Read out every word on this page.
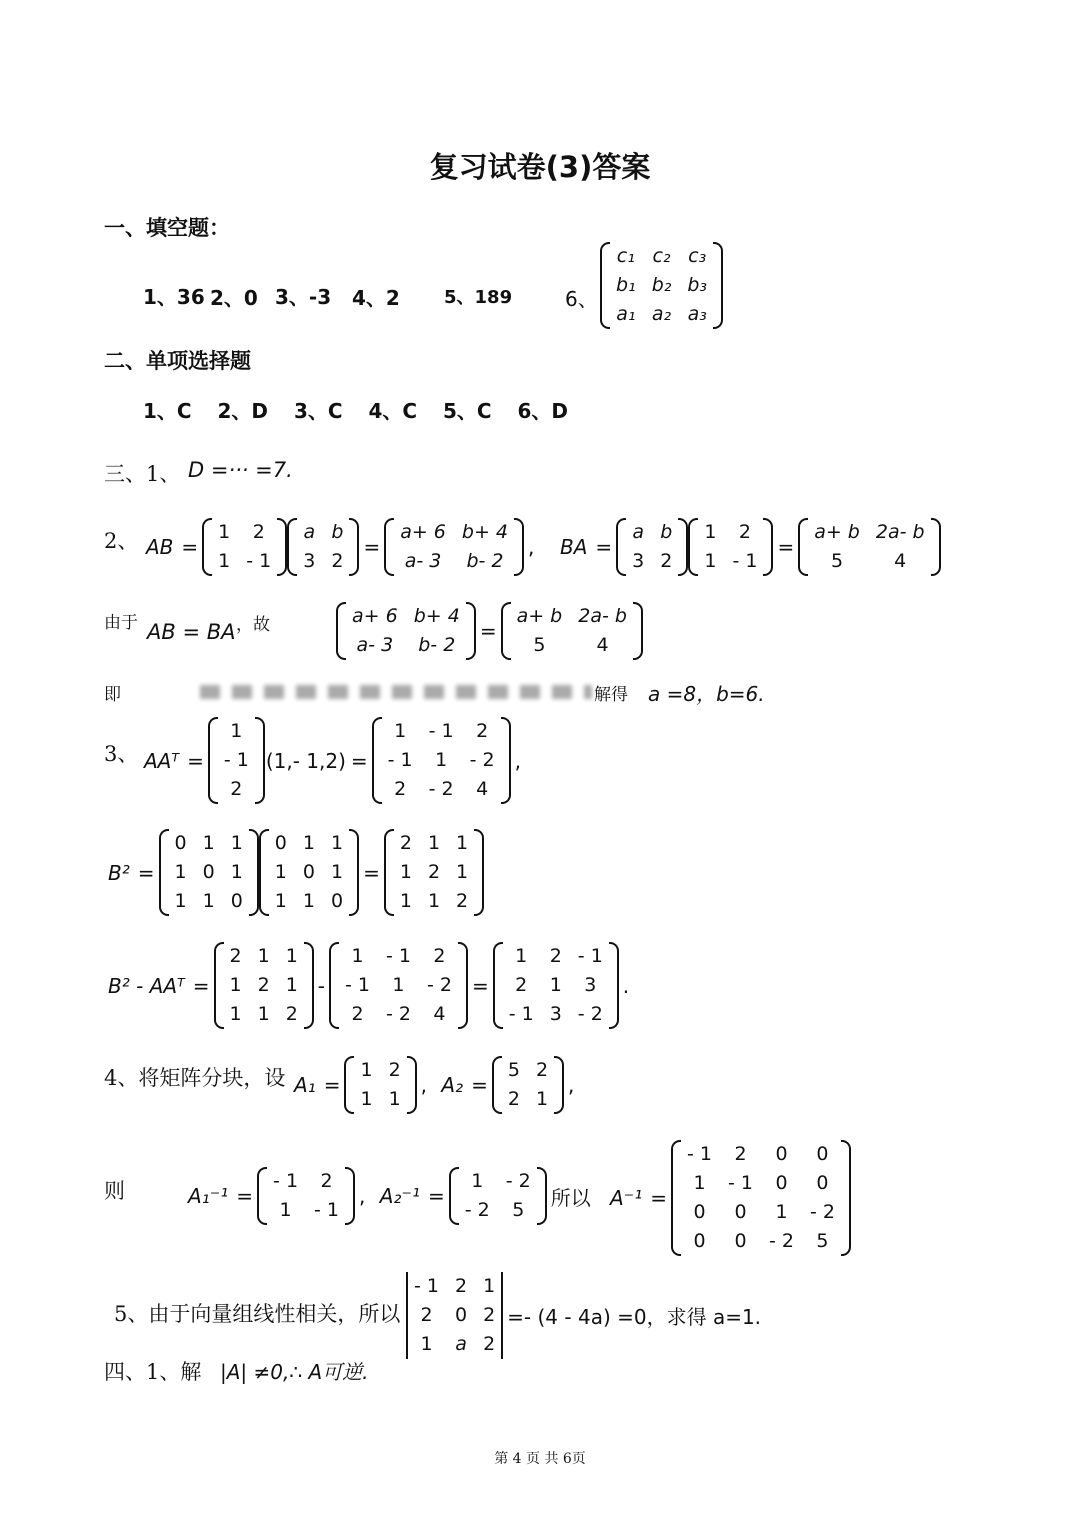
复习试卷(3)答案
一、填空题：
1、36 2、0 3、-3 4、2 5、189	6、
c₁ c₂ c₃
b₁ b₂ b₃
a₁ a₂ a₃
二、单项选择题
1、C  2、D  3、C  4、C  5、C  6、D
三、1、 D =··· =7.
2、 AB =
1	2
1 - 1
a b
3 2
=
a+ 6 b+ 4
a- 3 b- 2
, BA =
a b
3 2
1	2
1 - 1
=
a+ b 2a- b
5	4
由于 AB = BA ，故	a+ 6 b+ 4
a- 3 b- 2
=
a+ b 2a- b
5	4
即	解得 a =8，b=6.
3、 AAᵀ =
1
- 1
2
(1,- 1,2) =
1	- 1	2
- 1	1	- 2
2	- 2	4
,
B² =
0 1 1
1 0 1
1 1 0
0 1 1
1 0 1
1 1 0
=
2 1 1
1 2 1
1 1 2
B² - AAᵀ =
2 1 1
1 2 1
1 1 2
-
1	- 1	2
- 1	1	- 2
2	- 2	4
=
1	2 - 1
2	1	3
- 1 3 - 2
.
4、将矩阵分块，设 A₁ =
1 2
1 1
, A₂ =
5 2
2 1
,
则	A₁⁻¹ =
- 1	2
1	- 1
, A₂⁻¹ =
1	- 2
- 2	5
所以 A⁻¹ =
- 1	2	0	0
1	- 1	0	0
0	0	1	- 2
0	0	- 2	5
5、由于向量组线性相关，所以
- 1 2 1
2	0 2
1	a 2
=- (4 - 4a) =0，求得 a=1.
四、1、解 |A| ≠0,∴ A可逆.
第 4 页 共 6页
